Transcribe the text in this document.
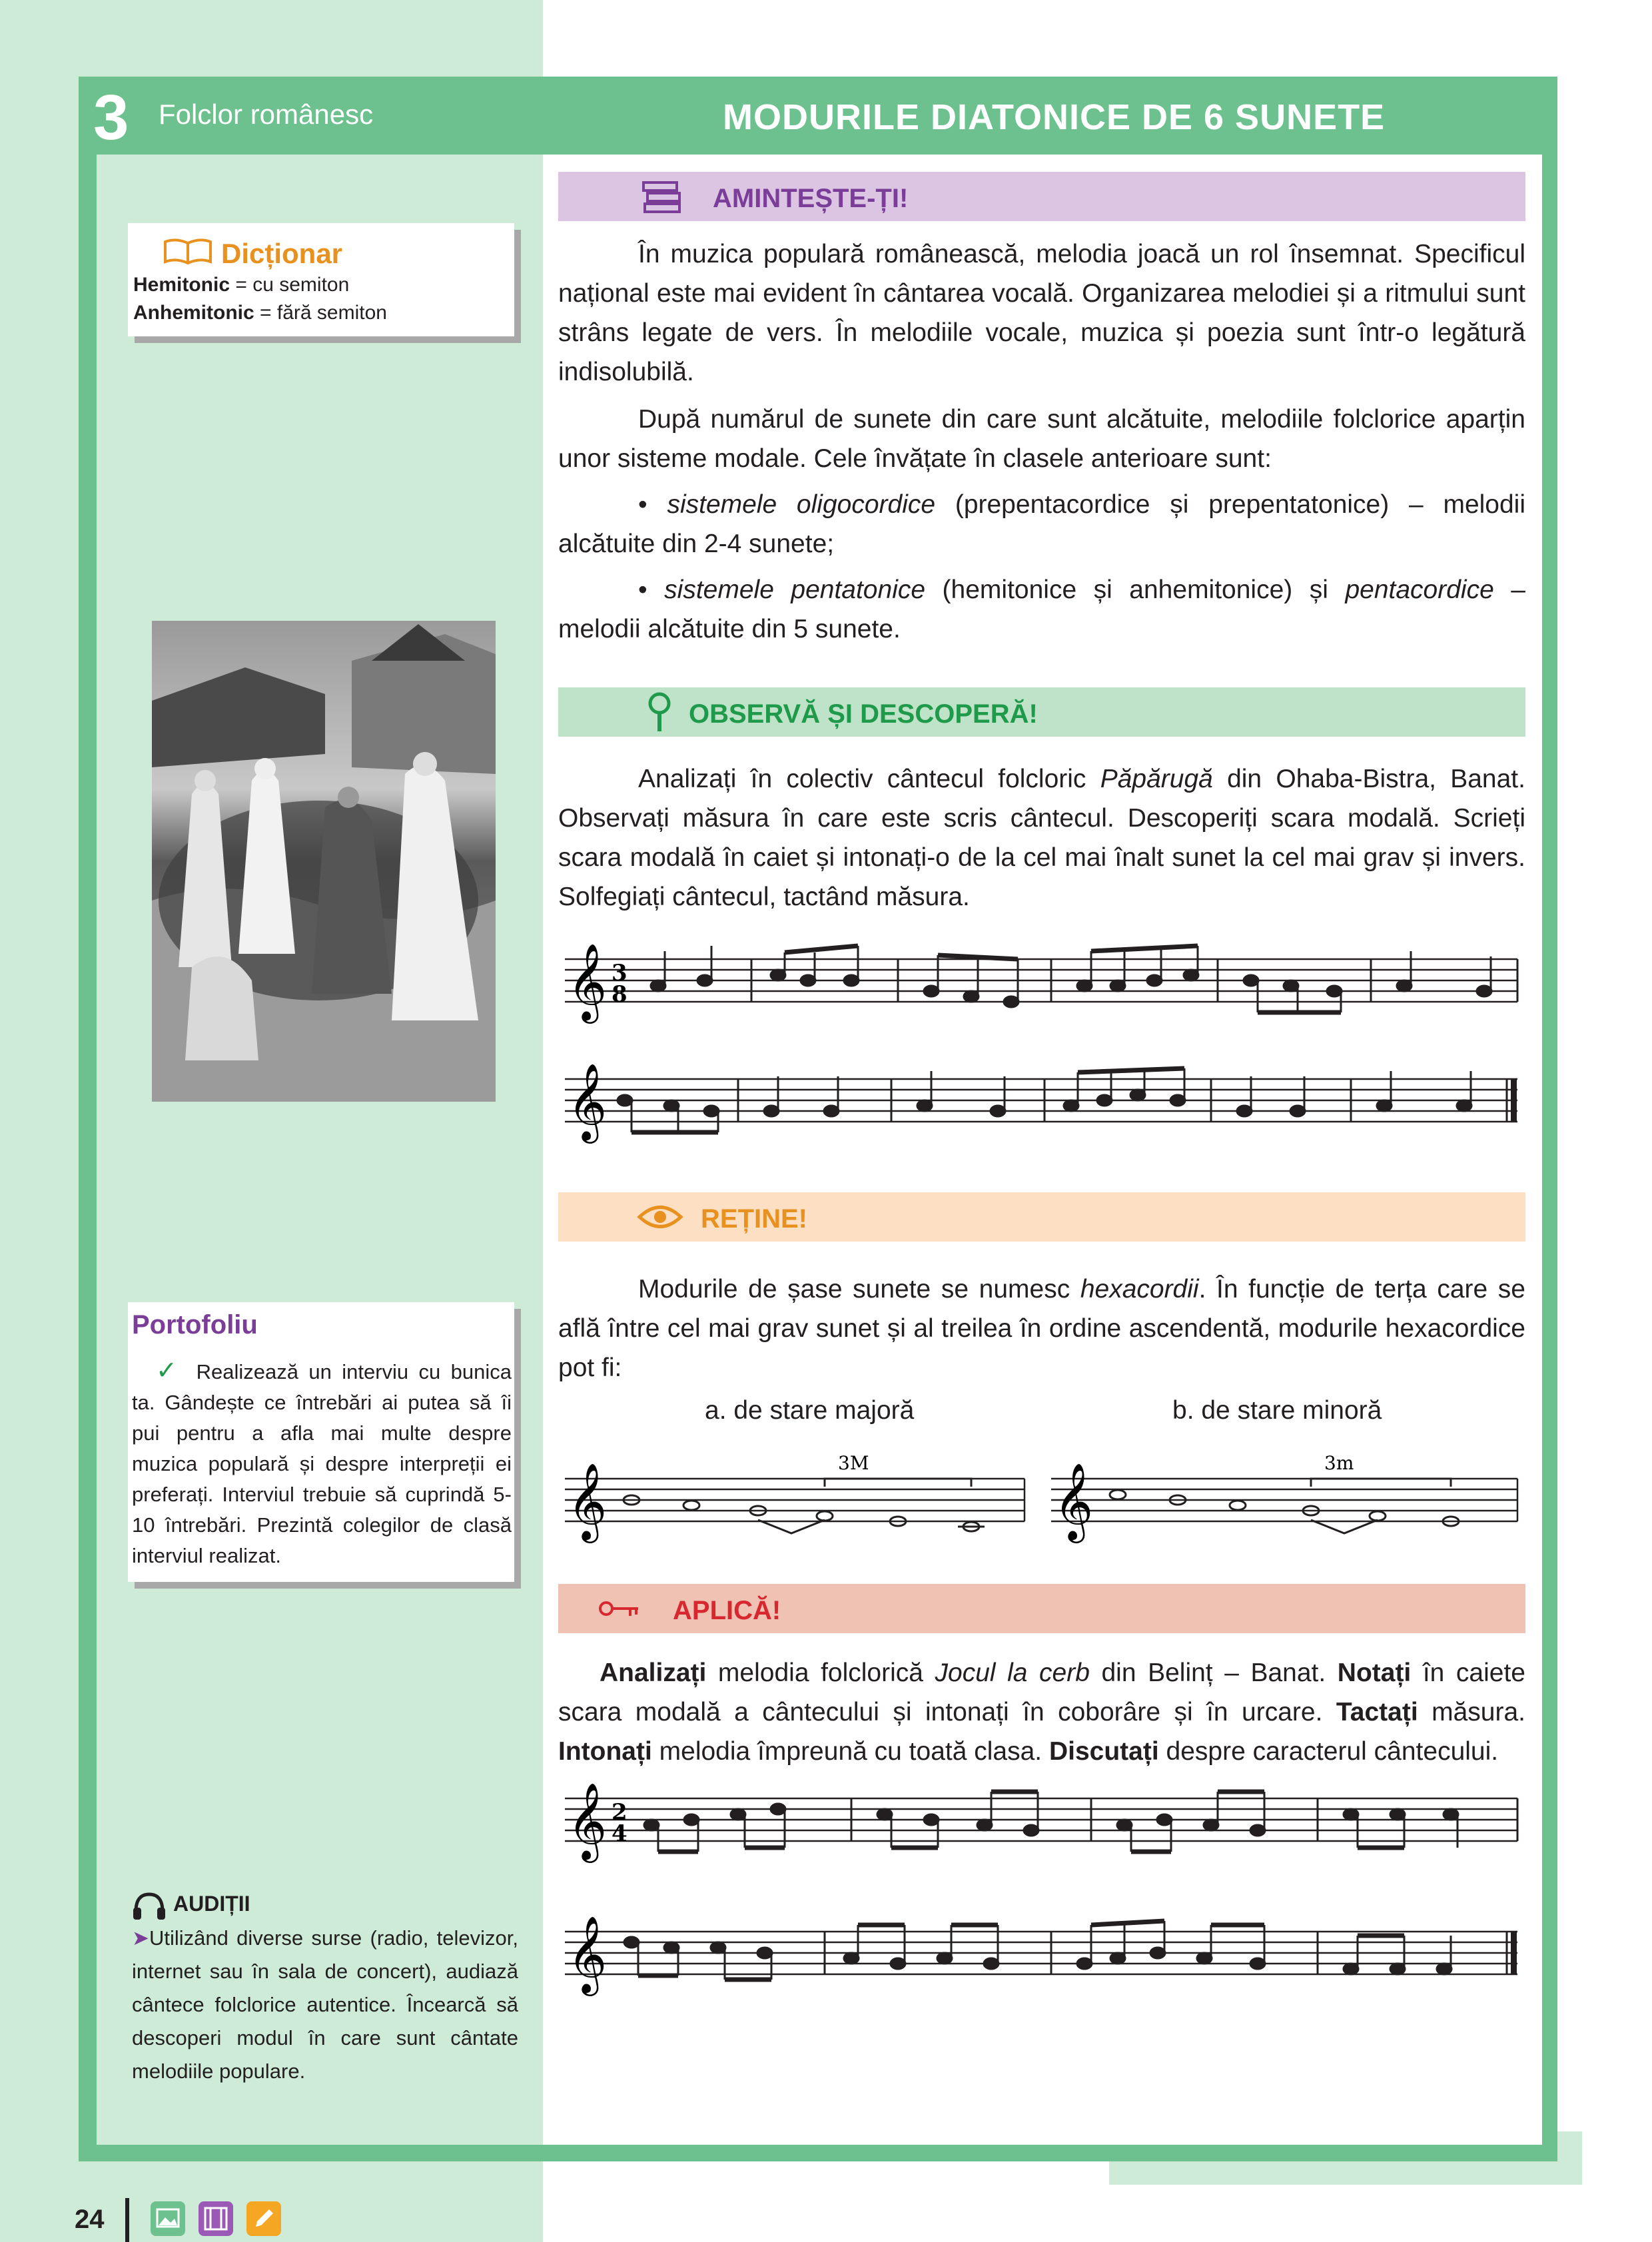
3 Folclor românesc	MODURILE DIATONICE DE 6 SUNETE
Dicționar
Hemitonic = cu semiton
Anhemitonic = fără semiton
Portofoliu
✓ Realizează un interviu cu bunica ta. Gândește ce întrebări ai putea să îi pui pentru a afla mai multe despre muzica populară și despre interpreții ei preferați. Interviul trebuie să cuprindă 5-10 întrebări. Prezintă colegilor de clasă interviul realizat.
AUDIȚII
➤Utilizând diverse surse (radio, televizor, internet sau în sala de concert), audiază cântece folclorice autentice. Încearcă să descoperi modul în care sunt cântate melodiile populare.
AMINTEȘTE-ȚI!
În muzica populară românească, melodia joacă un rol însemnat. Specificul național este mai evident în cântarea vocală. Organizarea melodiei și a ritmului sunt strâns legate de vers. În melodiile vocale, muzica și poezia sunt într-o legătură indisolubilă.
După numărul de sunete din care sunt alcătuite, melodiile folclorice aparțin unor sisteme modale. Cele învățate în clasele anterioare sunt:
• sistemele oligocordice (prepentacordice și prepentatonice) – melodii alcătuite din 2-4 sunete;
• sistemele pentatonice (hemitonice și anhemitonice) și pentacordice – melodii alcătuite din 5 sunete.
OBSERVĂ ȘI DESCOPERĂ!
Analizați în colectiv cântecul folcloric Păpărugă din Ohaba-Bistra, Banat. Observați măsura în care este scris cântecul. Descoperiți scara modală. Scrieți scara modală în caiet și intonați-o de la cel mai înalt sunet la cel mai grav și invers. Solfegiați cântecul, tactând măsura.
𝄞
𝄞
3
8
REȚINE!
Modurile de șase sunete se numesc hexacordii. În funcție de terța care se află între cel mai grav sunet și al treilea în ordine ascendentă, modurile hexacordice pot fi:
a. de stare majoră	b. de stare minoră
𝄞	𝄞
3M	3m
APLICĂ!
Analizați melodia folclorică Jocul la cerb din Belinț – Banat. Notați în caiete scara modală a cântecului și intonați în coborâre și în urcare. Tactați măsura. Intonați melodia împreună cu toată clasa. Discutați despre caracterul cântecului.
𝄞
𝄞
2
4
24
